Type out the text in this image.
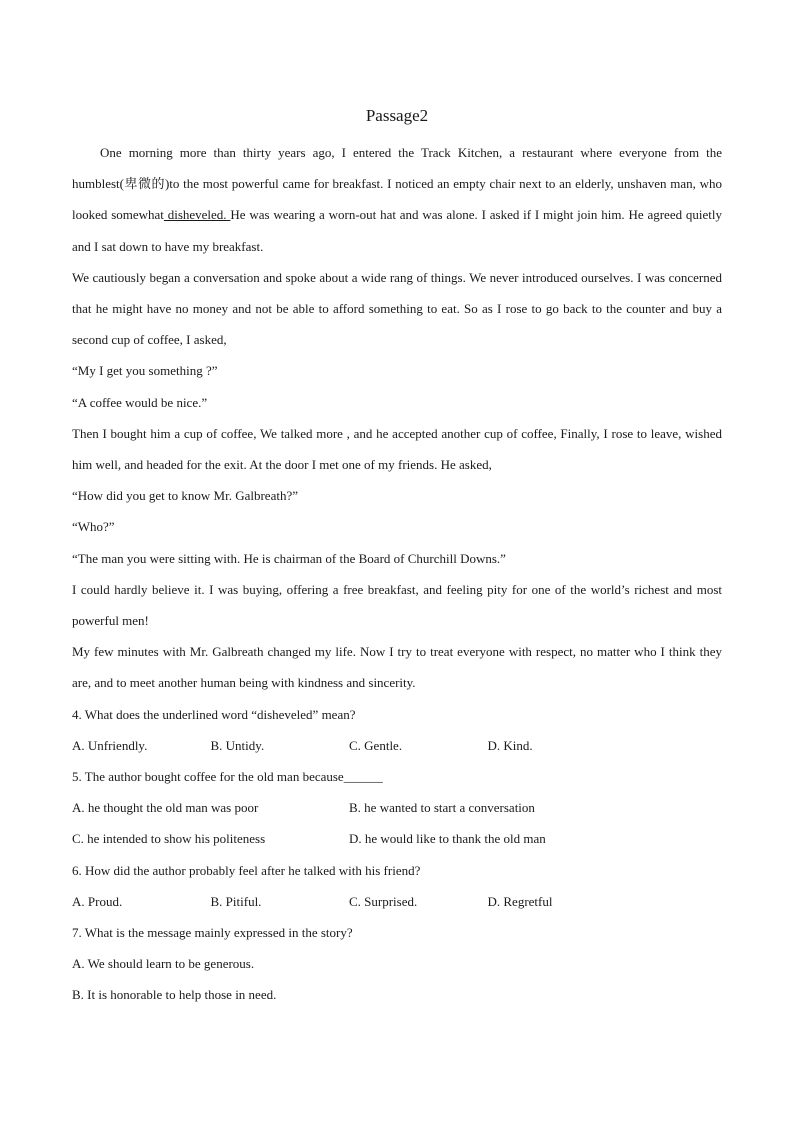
Passage2

One morning more than thirty years ago, I entered the Track Kitchen, a restaurant where everyone from the humblest(卑微的)to the most powerful came for breakfast. I noticed an empty chair next to an elderly, unshaven man, who looked somewhat disheveled. He was wearing a worn-out hat and was alone. I asked if I might join him. He agreed quietly and I sat down to have my breakfast.

We cautiously began a conversation and spoke about a wide rang of things. We never introduced ourselves. I was concerned that he might have no money and not be able to afford something to eat. So as I rose to go back to the counter and buy a second cup of coffee, I asked,

“My I get you something ?”

“A coffee would be nice.”

Then I bought him a cup of coffee, We talked more , and he accepted another cup of coffee, Finally, I rose to leave, wished him well, and headed for the exit. At the door I met one of my friends. He asked,

“How did you get to know Mr. Galbreath?”

“Who?”

“The man you were sitting with. He is chairman of the Board of Churchill Downs.”

I could hardly believe it. I was buying, offering a free breakfast, and feeling pity for one of the world’s richest and most powerful men!

My few minutes with Mr. Galbreath changed my life. Now I try to treat everyone with respect, no matter who I think they are, and to meet another human being with kindness and sincerity.

4. What does the underlined word “disheveled” mean?

A. Unfriendly.	B. Untidy.	C. Gentle.	D. Kind.

5. The author bought coffee for the old man because______

A. he thought the old man was poor	B. he wanted to start a conversation
C. he intended to show his politeness	D. he would like to thank the old man

6. How did the author probably feel after he talked with his friend?

A. Proud.	B. Pitiful.	C. Surprised.	D. Regretful

7. What is the message mainly expressed in the story?

A. We should learn to be generous.

B. It is honorable to help those in need.
